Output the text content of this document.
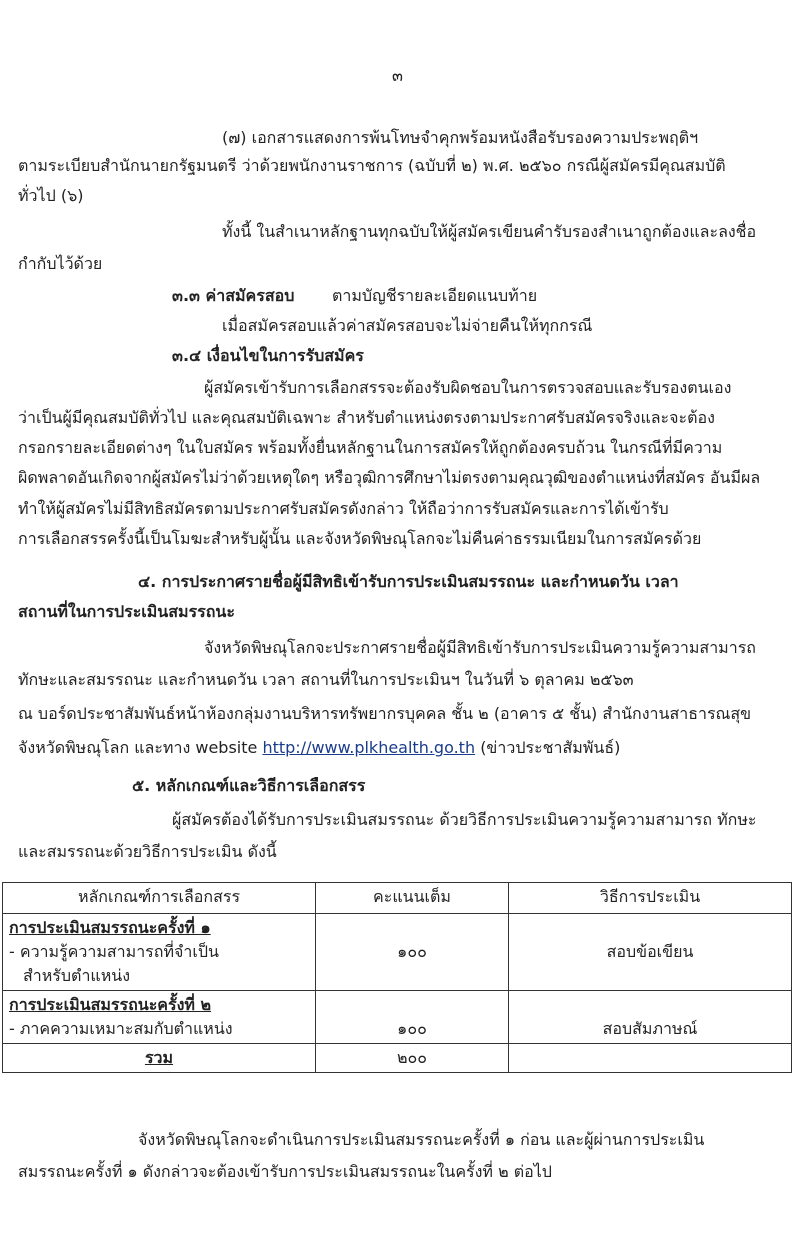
๓
(๗) เอกสารแสดงการพ้นโทษจำคุกพร้อมหนังสือรับรองความประพฤติฯ
ตามระเบียบสำนักนายกรัฐมนตรี ว่าด้วยพนักงานราชการ (ฉบับที่ ๒) พ.ศ. ๒๕๖๐ กรณีผู้สมัครมีคุณสมบัติ
ทั่วไป (๖)
ทั้งนี้ ในสำเนาหลักฐานทุกฉบับให้ผู้สมัครเขียนคำรับรองสำเนาถูกต้องและลงชื่อ
กำกับไว้ด้วย
๓.๓ ค่าสมัครสอบ ตามบัญชีรายละเอียดแนบท้าย
เมื่อสมัครสอบแล้วค่าสมัครสอบจะไม่จ่ายคืนให้ทุกกรณี
๓.๔ เงื่อนไขในการรับสมัคร
ผู้สมัครเข้ารับการเลือกสรรจะต้องรับผิดชอบในการตรวจสอบและรับรองตนเอง
ว่าเป็นผู้มีคุณสมบัติทั่วไป และคุณสมบัติเฉพาะ สำหรับตำแหน่งตรงตามประกาศรับสมัครจริงและจะต้อง
กรอกรายละเอียดต่างๆ ในใบสมัคร พร้อมทั้งยื่นหลักฐานในการสมัครให้ถูกต้องครบถ้วน ในกรณีที่มีความ
ผิดพลาดอันเกิดจากผู้สมัครไม่ว่าด้วยเหตุใดๆ หรือวุฒิการศึกษาไม่ตรงตามคุณวุฒิของตำแหน่งที่สมัคร อันมีผล
ทำให้ผู้สมัครไม่มีสิทธิสมัครตามประกาศรับสมัครดังกล่าว ให้ถือว่าการรับสมัครและการได้เข้ารับ
การเลือกสรรครั้งนี้เป็นโมฆะสำหรับผู้นั้น และจังหวัดพิษณุโลกจะไม่คืนค่าธรรมเนียมในการสมัครด้วย
๔. การประกาศรายชื่อผู้มีสิทธิเข้ารับการประเมินสมรรถนะ และกำหนดวัน เวลา
สถานที่ในการประเมินสมรรถนะ
จังหวัดพิษณุโลกจะประกาศรายชื่อผู้มีสิทธิเข้ารับการประเมินความรู้ความสามารถ
ทักษะและสมรรถนะ และกำหนดวัน เวลา สถานที่ในการประเมินฯ ในวันที่ ๖ ตุลาคม ๒๕๖๓
ณ บอร์ดประชาสัมพันธ์หน้าห้องกลุ่มงานบริหารทรัพยากรบุคคล ชั้น ๒ (อาคาร ๕ ชั้น) สำนักงานสาธารณสุข
จังหวัดพิษณุโลก และทาง website http://www.plkhealth.go.th (ข่าวประชาสัมพันธ์)
๕. หลักเกณฑ์และวิธีการเลือกสรร
ผู้สมัครต้องได้รับการประเมินสมรรถนะ ด้วยวิธีการประเมินความรู้ความสามารถ ทักษะ
และสมรรถนะด้วยวิธีการประเมิน ดังนี้
หลักเกณฑ์การเลือกสรร	คะแนนเต็ม	วิธีการประเมิน

การประเมินสมรรถนะครั้งที่ ๑
- ความรู้ความสามารถที่จำเป็น
สำหรับตำแหน่ง	๑๐๐	สอบข้อเขียน

การประเมินสมรรถนะครั้งที่ ๒
- ภาคความเหมาะสมกับตำแหน่ง	๑๐๐	สอบสัมภาษณ์
รวม	๒๐๐	
จังหวัดพิษณุโลกจะดำเนินการประเมินสมรรถนะครั้งที่ ๑ ก่อน และผู้ผ่านการประเมิน
สมรรถนะครั้งที่ ๑ ดังกล่าวจะต้องเข้ารับการประเมินสมรรถนะในครั้งที่ ๒ ต่อไป
